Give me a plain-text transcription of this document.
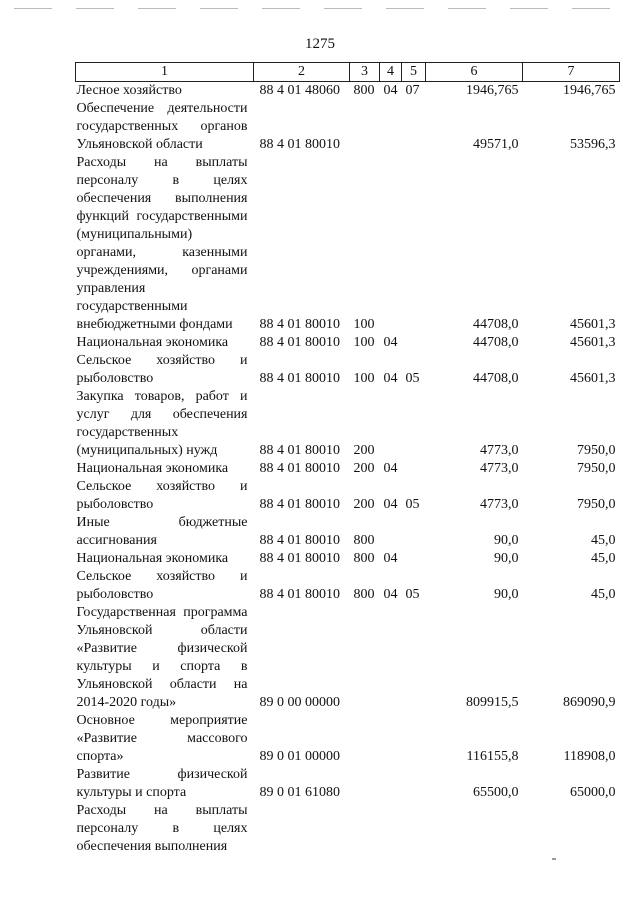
1275
1	2	3	4	5	6	7
Лесное хозяйство	88 4 01 48060	800	04	07	1946,765	1946,765
Обеспечение деятельности государственных органов Ульяновской области	88 4 01 80010				49571,0	53596,3
Расходы на выплаты персоналу в целях обеспечения выполнения функций государственными (муниципальными) органами, казенными учреждениями, органами управления государственными внебюджетными фондами	88 4 01 80010	100			44708,0	45601,3
Национальная экономика	88 4 01 80010	100	04		44708,0	45601,3
Сельское хозяйство и рыболовство	88 4 01 80010	100	04	05	44708,0	45601,3
Закупка товаров, работ и услуг для обеспечения государственных (муниципальных) нужд	88 4 01 80010	200			4773,0	7950,0
Национальная экономика	88 4 01 80010	200	04		4773,0	7950,0
Сельское хозяйство и рыболовство	88 4 01 80010	200	04	05	4773,0	7950,0
Иные бюджетные ассигнования	88 4 01 80010	800			90,0	45,0
Национальная экономика	88 4 01 80010	800	04		90,0	45,0
Сельское хозяйство и рыболовство	88 4 01 80010	800	04	05	90,0	45,0
Государственная программа Ульяновской области «Развитие физической культуры и спорта в Ульяновской области на 2014-2020 годы»	89 0 00 00000				809915,5	869090,9
Основное мероприятие «Развитие массового спорта»	89 0 01 00000				116155,8	118908,0
Развитие физической культуры и спорта	89 0 01 61080				65500,0	65000,0
Расходы на выплаты персоналу в целях обеспечения выполнения						
